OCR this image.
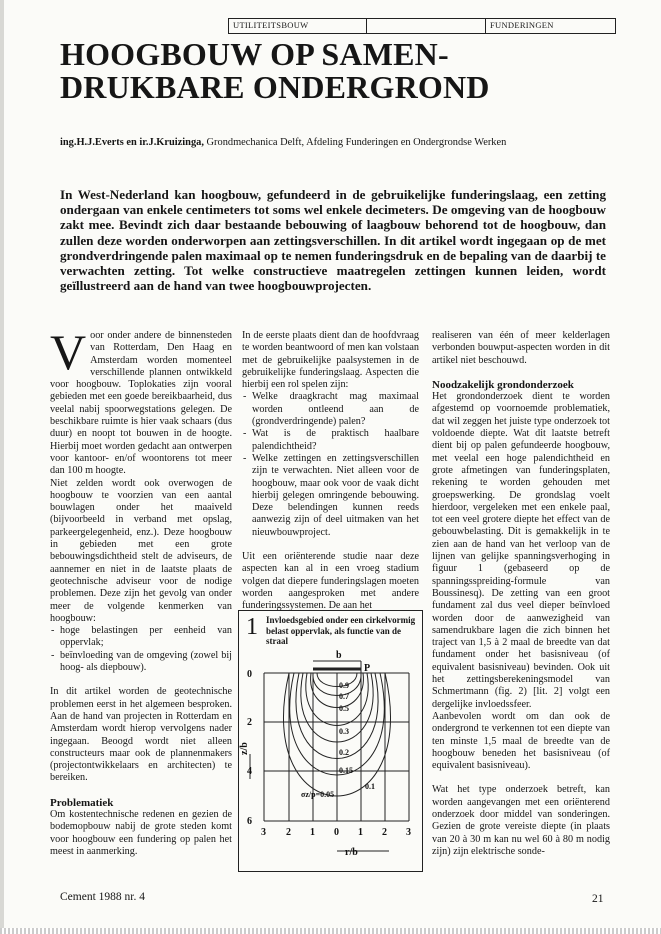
UTILITEITSBOUW	FUNDERINGEN
HOOGBOUW OP SAMEN-
DRUKBARE ONDERGROND
ing.H.J.Everts en ir.J.Kruizinga, Grondmechanica Delft, Afdeling Funderingen en Ondergrondse Werken
In West-Nederland kan hoogbouw, gefundeerd in de gebruikelijke funderingslaag, een zetting ondergaan van enkele centimeters tot soms wel enkele decimeters. De omgeving van de hoogbouw zakt mee. Bevindt zich daar bestaande bebouwing of laagbouw behorend tot de hoogbouw, dan zullen deze worden onderworpen aan zettingsverschillen. In dit artikel wordt ingegaan op de met grondverdringende palen maximaal op te nemen funderingsdruk en de bepaling van de daarbij te verwachten zetting. Tot welke constructieve maatregelen zettingen kunnen leiden, wordt geïllustreerd aan de hand van twee hoogbouwprojecten.

Voor onder andere de binnensteden van Rotterdam, Den Haag en Amsterdam worden momenteel verschillende plannen ontwikkeld voor hoogbouw. Toplokaties zijn vooral gebieden met een goede bereikbaarheid, dus veelal nabij spoorwegstations gelegen. De beschikbare ruimte is hier vaak schaars (dus duur) en noopt tot bouwen in de hoogte. Hierbij moet worden gedacht aan ontwerpen voor kantoor- en/of woontorens tot meer dan 100 m hoogte.

Niet zelden wordt ook overwogen de hoogbouw te voorzien van een aantal bouwlagen onder het maaiveld (bijvoorbeeld in verband met opslag, parkeergelegenheid, enz.). Deze hoogbouw in gebieden met een grote bebouwingsdichtheid stelt de adviseurs, de aannemer en niet in de laatste plaats de geotechnische adviseur voor de nodige problemen. Deze zijn het gevolg van onder meer de volgende kenmerken van hoogbouw:

- hoge belastingen per eenheid van oppervlak;
- beïnvloeding van de omgeving (zowel bij hoog- als diepbouw).

In dit artikel worden de geotechnische problemen eerst in het algemeen besproken. Aan de hand van projecten in Rotterdam en Amsterdam wordt hierop vervolgens nader ingegaan. Beoogd wordt niet alleen constructeurs maar ook de plannenmakers (projectontwikkelaars en architecten) te bereiken.

Problematiek

Om kostentechnische redenen en gezien de bodemopbouw nabij de grote steden komt voor hoogbouw een fundering op palen het meest in aanmerking.

In de eerste plaats dient dan de hoofdvraag te worden beantwoord of men kan volstaan met de gebruikelijke paalsystemen in de gebruikelijke funderingslaag. Aspecten die hierbij een rol spelen zijn:

- Welke draagkracht mag maximaal worden ontleend aan de (grondverdringende) palen?
- Wat is de praktisch haalbare palendichtheid?
- Welke zettingen en zettingsverschillen zijn te verwachten. Niet alleen voor de hoogbouw, maar ook voor de vaak dicht hierbij gelegen omringende bebouwing. Deze belendingen kunnen reeds aanwezig zijn of deel uitmaken van het nieuwbouwproject.

Uit een oriënterende studie naar deze aspecten kan al in een vroeg stadium volgen dat diepere funderingslagen moeten worden aangesproken met andere funderingssystemen. De aan het

1 Invloedsgebied onder een cirkelvormig belast oppervlak, als functie van de straal
b
P
0
2
4
6
z/b
3 2 1 0 1 2 3
r/b
0.9
0.7
0.5
0.3
0.2
0.15
0.1
σz/p=0.05

realiseren van één of meer kelderlagen verbonden bouwput-aspecten worden in dit artikel niet beschouwd.

Noodzakelijk grondonderzoek

Het grondonderzoek dient te worden afgestemd op voornoemde problematiek, dat wil zeggen het juiste type onderzoek tot voldoende diepte. Wat dit laatste betreft dient bij op palen gefundeerde hoogbouw, met veelal een hoge palendichtheid en grote afmetingen van funderingsplaten, rekening te worden gehouden met groepswerking. De grondslag voelt hierdoor, vergeleken met een enkele paal, tot een veel grotere diepte het effect van de gebouwbelasting. Dit is gemakkelijk in te zien aan de hand van het verloop van de lijnen van gelijke spanningsverhoging in figuur 1 (gebaseerd op de spanningsspreiding-formule van Boussinesq). De zetting van een groot fundament zal dus veel dieper beïnvloed worden door de aanwezigheid van samendrukbare lagen die zich binnen het traject van 1,5 à 2 maal de breedte van dat fundament onder het basisniveau (of equivalent basisniveau) bevinden. Ook uit het zettingsberekeningsmodel van Schmertmann (fig. 2) [lit. 2] volgt een dergelijke invloedssfeer.

Aanbevolen wordt om dan ook de ondergrond te verkennen tot een diepte van ten minste 1,5 maal de breedte van de hoogbouw beneden het basisniveau (of equivalent basisniveau).

Wat het type onderzoek betreft, kan worden aangevangen met een oriënterend onderzoek door middel van sonderingen. Gezien de grote vereiste diepte (in plaats van 20 à 30 m kan nu wel 60 à 80 m nodig zijn) zijn elektrische sonde-

Cement 1988 nr. 4	21
